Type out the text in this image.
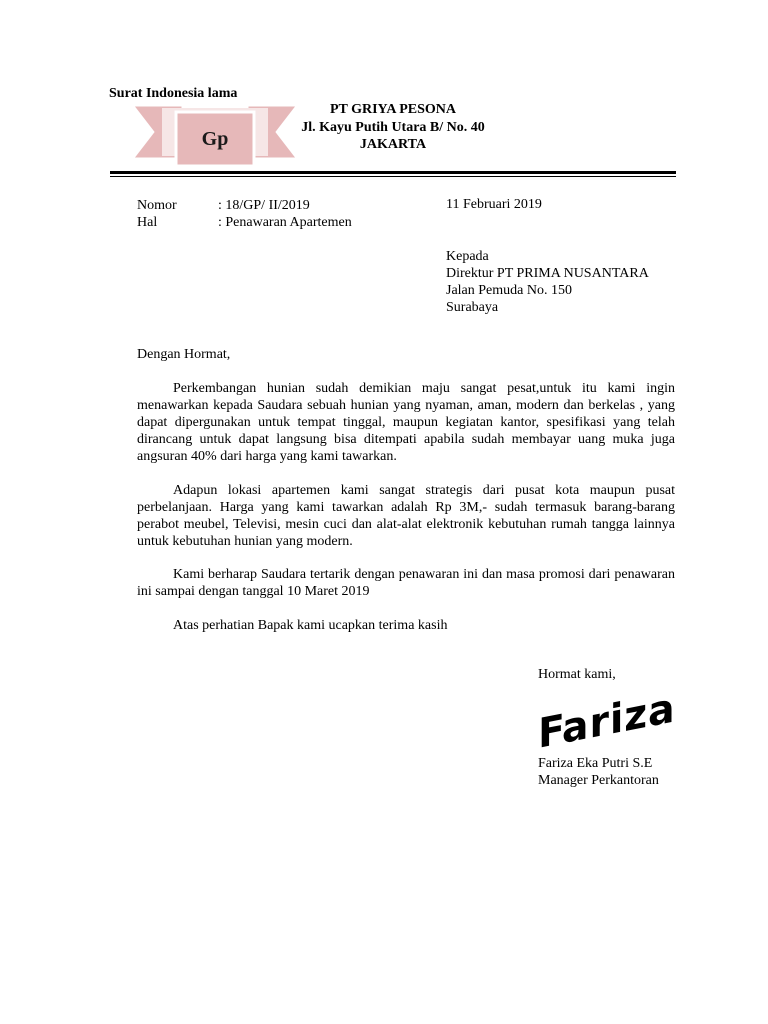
Surat Indonesia lama

Gp

PT GRIYA PESONA

Jl. Kayu Putih Utara B/ No. 40

JAKARTA

Nomor	: 18/GP/ II/2019

Hal	: Penawaran Apartemen

11 Februari 2019

Kepada
Direktur PT PRIMA NUSANTARA
Jalan Pemuda No. 150
Surabaya

Dengan Hormat,

Perkembangan hunian sudah demikian maju sangat pesat,untuk itu kami ingin menawarkan kepada Saudara sebuah hunian yang nyaman, aman, modern dan berkelas , yang dapat dipergunakan untuk tempat tinggal, maupun kegiatan kantor, spesifikasi yang telah dirancang untuk dapat langsung bisa ditempati apabila sudah membayar uang muka juga angsuran 40% dari harga yang kami tawarkan.

Adapun lokasi apartemen kami sangat strategis dari pusat kota maupun pusat perbelanjaan. Harga yang kami tawarkan adalah Rp 3M,- sudah termasuk barang-barang perabot meubel, Televisi, mesin cuci dan alat-alat elektronik kebutuhan rumah tangga lainnya untuk kebutuhan hunian yang modern.

Kami berharap Saudara tertarik dengan penawaran ini dan masa promosi dari penawaran ini sampai dengan tanggal 10 Maret 2019

Atas perhatian Bapak kami ucapkan terima kasih

Hormat kami,

Fariza

Fariza Eka Putri S.E

Manager Perkantoran
